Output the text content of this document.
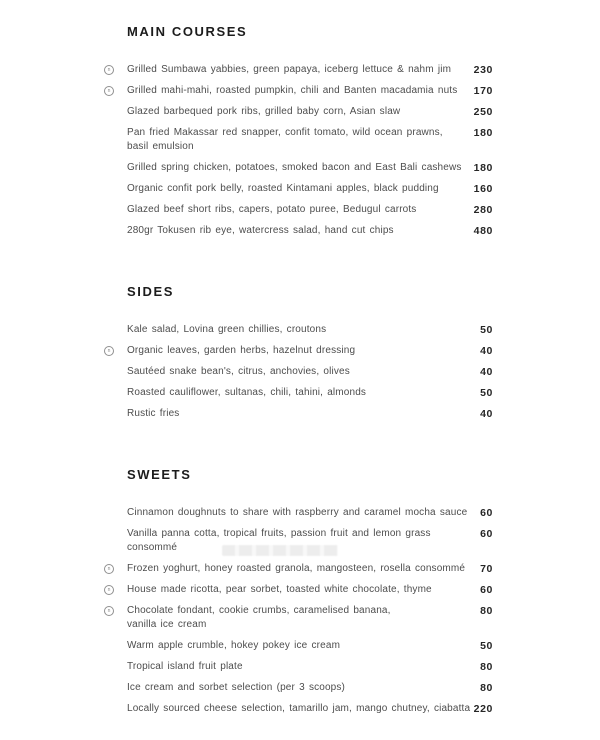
MAIN COURSES
n Grilled Sumbawa yabbies, green papaya, iceberg lettuce & nahm jim 230
n Grilled mahi-mahi, roasted pumpkin, chili and Banten macadamia nuts 170
Glazed barbequed pork ribs, grilled baby corn, Asian slaw	250
Pan fried Makassar red snapper, confit tomato, wild ocean prawns,
basil emulsion
180
Grilled spring chicken, potatoes, smoked bacon and East Bali cashews 180
Organic confit pork belly, roasted Kintamani apples, black pudding	160
Glazed beef short ribs, capers, potato puree, Bedugul carrots	280
280gr Tokusen rib eye, watercress salad, hand cut chips	480
SIDES
Kale salad, Lovina green chillies, croutons	50
n Organic leaves, garden herbs, hazelnut dressing	40
Sautéed snake bean's, citrus, anchovies, olives	40
Roasted cauliflower, sultanas, chili, tahini, almonds	50
Rustic fries	40
SWEETS
Cinnamon doughnuts to share with raspberry and caramel mocha sauce 60
Vanilla panna cotta, tropical fruits, passion fruit and lemon grass
consommé
60
n Frozen yoghurt, honey roasted granola, mangosteen, rosella consommé 70
n House made ricotta, pear sorbet, toasted white chocolate, thyme	60
n Chocolate fondant, cookie crumbs, caramelised banana,
vanilla ice cream
80
Warm apple crumble, hokey pokey ice cream	50
Tropical island fruit plate	80
Ice cream and sorbet selection (per 3 scoops)	80
Locally sourced cheese selection, tamarillo jam, mango chutney, ciabatta 220
